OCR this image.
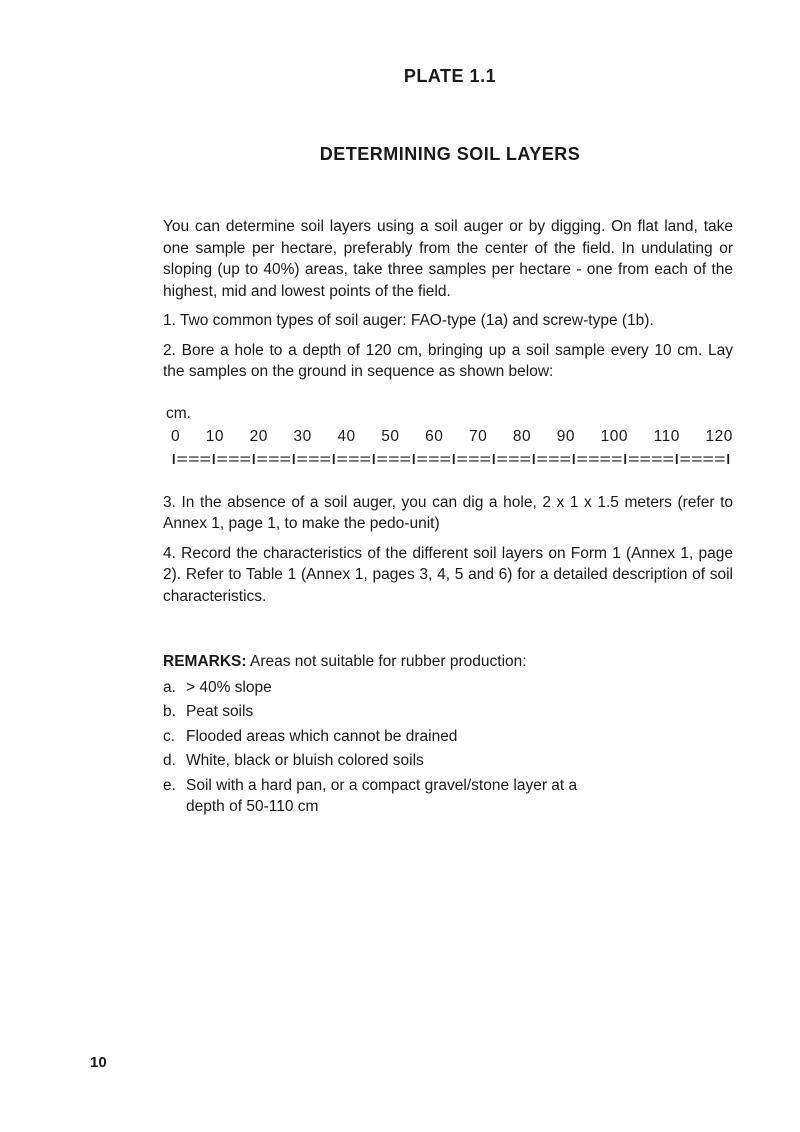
PLATE 1.1
DETERMINING SOIL LAYERS

You can determine soil layers using a soil auger or by digging. On flat land, take one sample per hectare, preferably from the center of the field. In undulating or sloping (up to 40%) areas, take three samples per hectare - one from each of the highest, mid and lowest points of the field.

1. Two common types of soil auger: FAO-type (1a) and screw-type (1b).

2. Bore a hole to a depth of 120 cm, bringing up a soil sample every 10 cm. Lay the samples on the ground in sequence as shown below:

cm.
0 10 20 30 40 50 60 70 80 90 100 110 120
I===I===I===I===I===I===I===I===I===I===I====I====I====I

3. In the absence of a soil auger, you can dig a hole, 2 x 1 x 1.5 meters (refer to Annex 1, page 1, to make the pedo-unit)

4. Record the characteristics of the different soil layers on Form 1 (Annex 1, page 2). Refer to Table 1 (Annex 1, pages 3, 4, 5 and 6) for a detailed description of soil characteristics.

REMARKS: Areas not suitable for rubber production:

a. > 40% slope
b. Peat soils
c. Flooded areas which cannot be drained
d. White, black or bluish colored soils
e. Soil with a hard pan, or a compact gravel/stone layer at a depth of 50-110 cm
10
